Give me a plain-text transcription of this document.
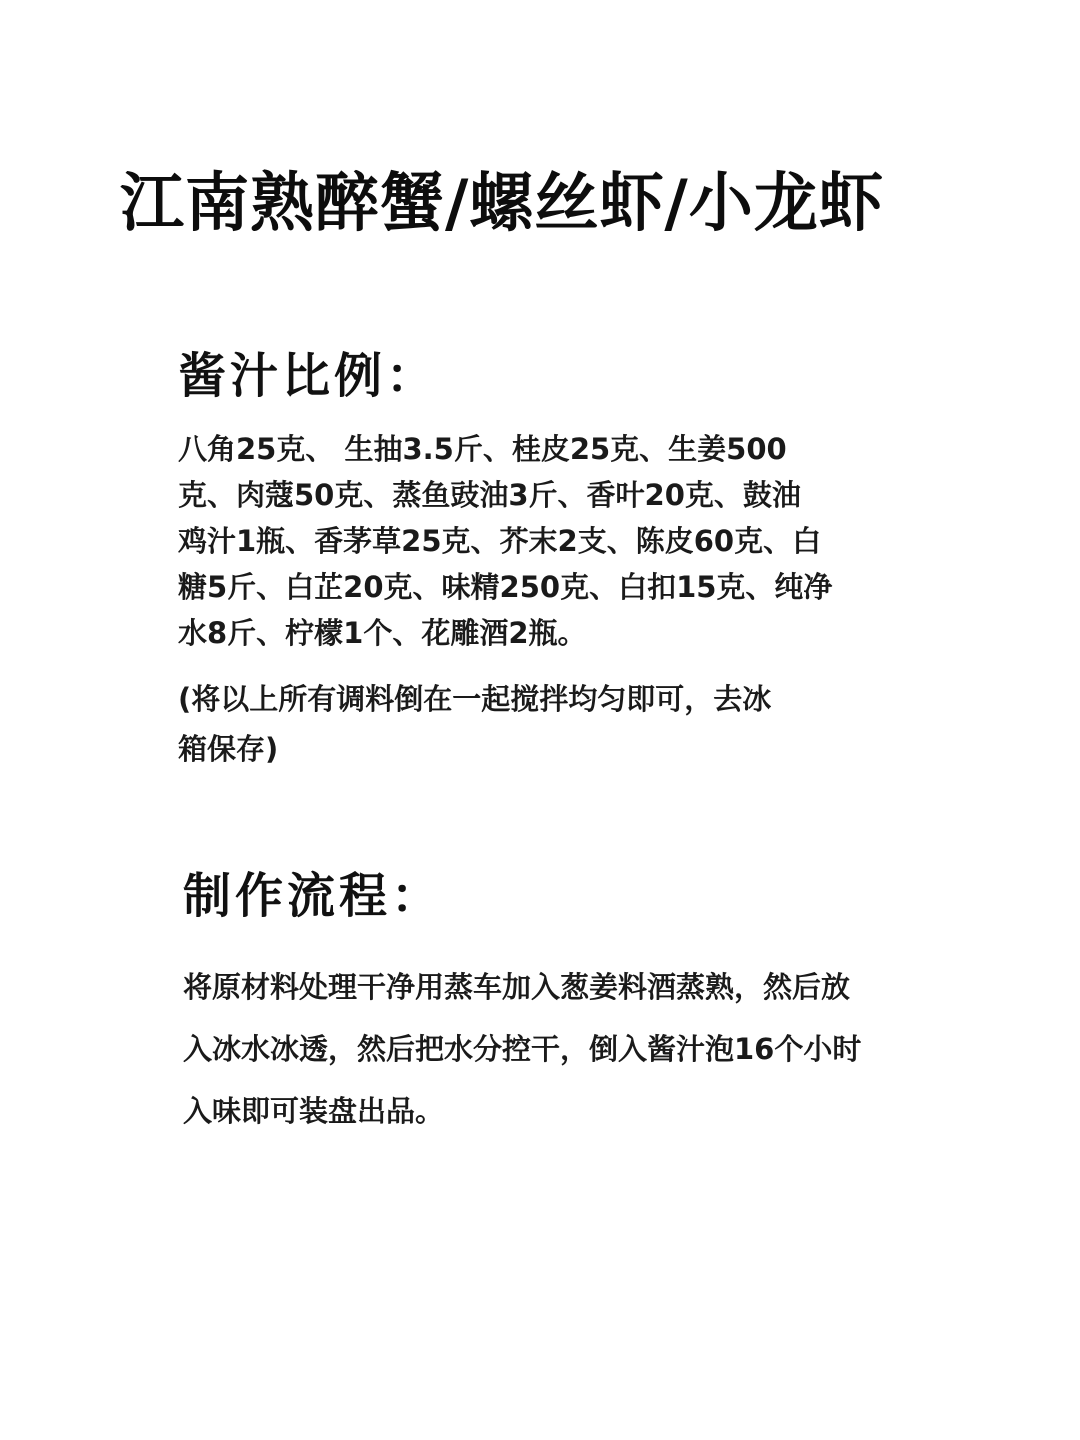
江南熟醉蟹/螺丝虾/小龙虾
酱汁比例：

八角25克、 生抽3.5斤、桂皮25克、生姜500
克、肉蔻50克、蒸鱼豉油3斤、香叶20克、鼓油
鸡汁1瓶、香茅草25克、芥末2支、陈皮60克、白
糖5斤、白芷20克、味精250克、白扣15克、纯净
水8斤、柠檬1个、花雕酒2瓶。

(将以上所有调料倒在一起搅拌均匀即可，去冰
箱保存)

制作流程：

将原材料处理干净用蒸车加入葱姜料酒蒸熟，然后放
入冰水冰透，然后把水分控干，倒入酱汁泡16个小时
入味即可装盘出品。
